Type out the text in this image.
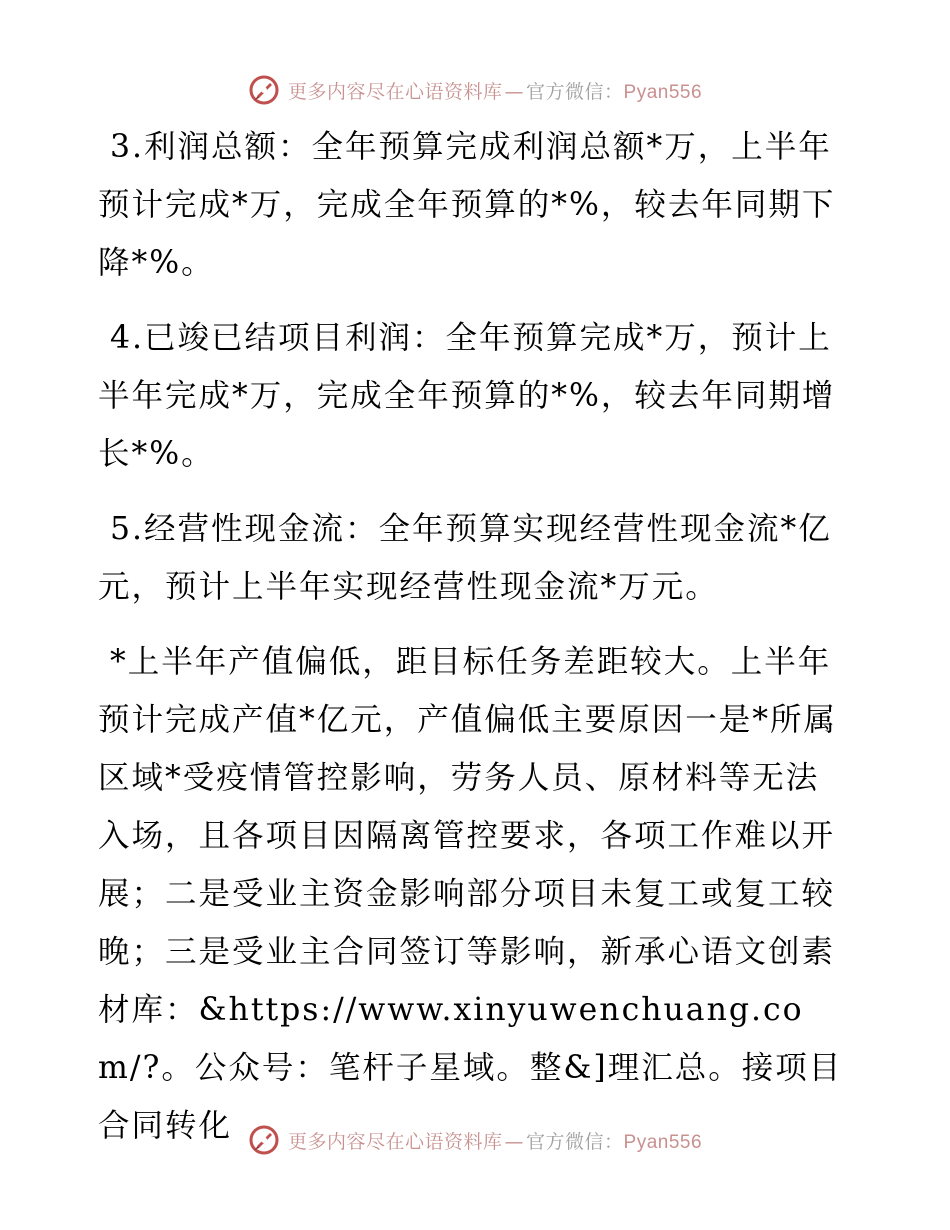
更多内容尽在心语资料库 — 官方微信：Pyan556

3.利润总额：全年预算完成利润总额*万，上半年预计完成*万，完成全年预算的*%，较去年同期下降*%。

4.已竣已结项目利润：全年预算完成*万，预计上半年完成*万，完成全年预算的*%，较去年同期增长*%。

5.经营性现金流：全年预算实现经营性现金流*亿元，预计上半年实现经营性现金流*万元。

*上半年产值偏低，距目标任务差距较大。上半年预计完成产值*亿元，产值偏低主要原因一是*所属区域*受疫情管控影响，劳务人员、原材料等无法入场，且各项目因隔离管控要求，各项工作难以开展；二是受业主资金影响部分项目未复工或复工较晚；三是受业主合同签订等影响，新承心语文创素材库：&https://www.xinyuwenchuang.com/?。公众号：笔杆子星域。整&]理汇总。接项目合同转化	更多内容尽在心语资料库 — 官方微信：Pyan556
